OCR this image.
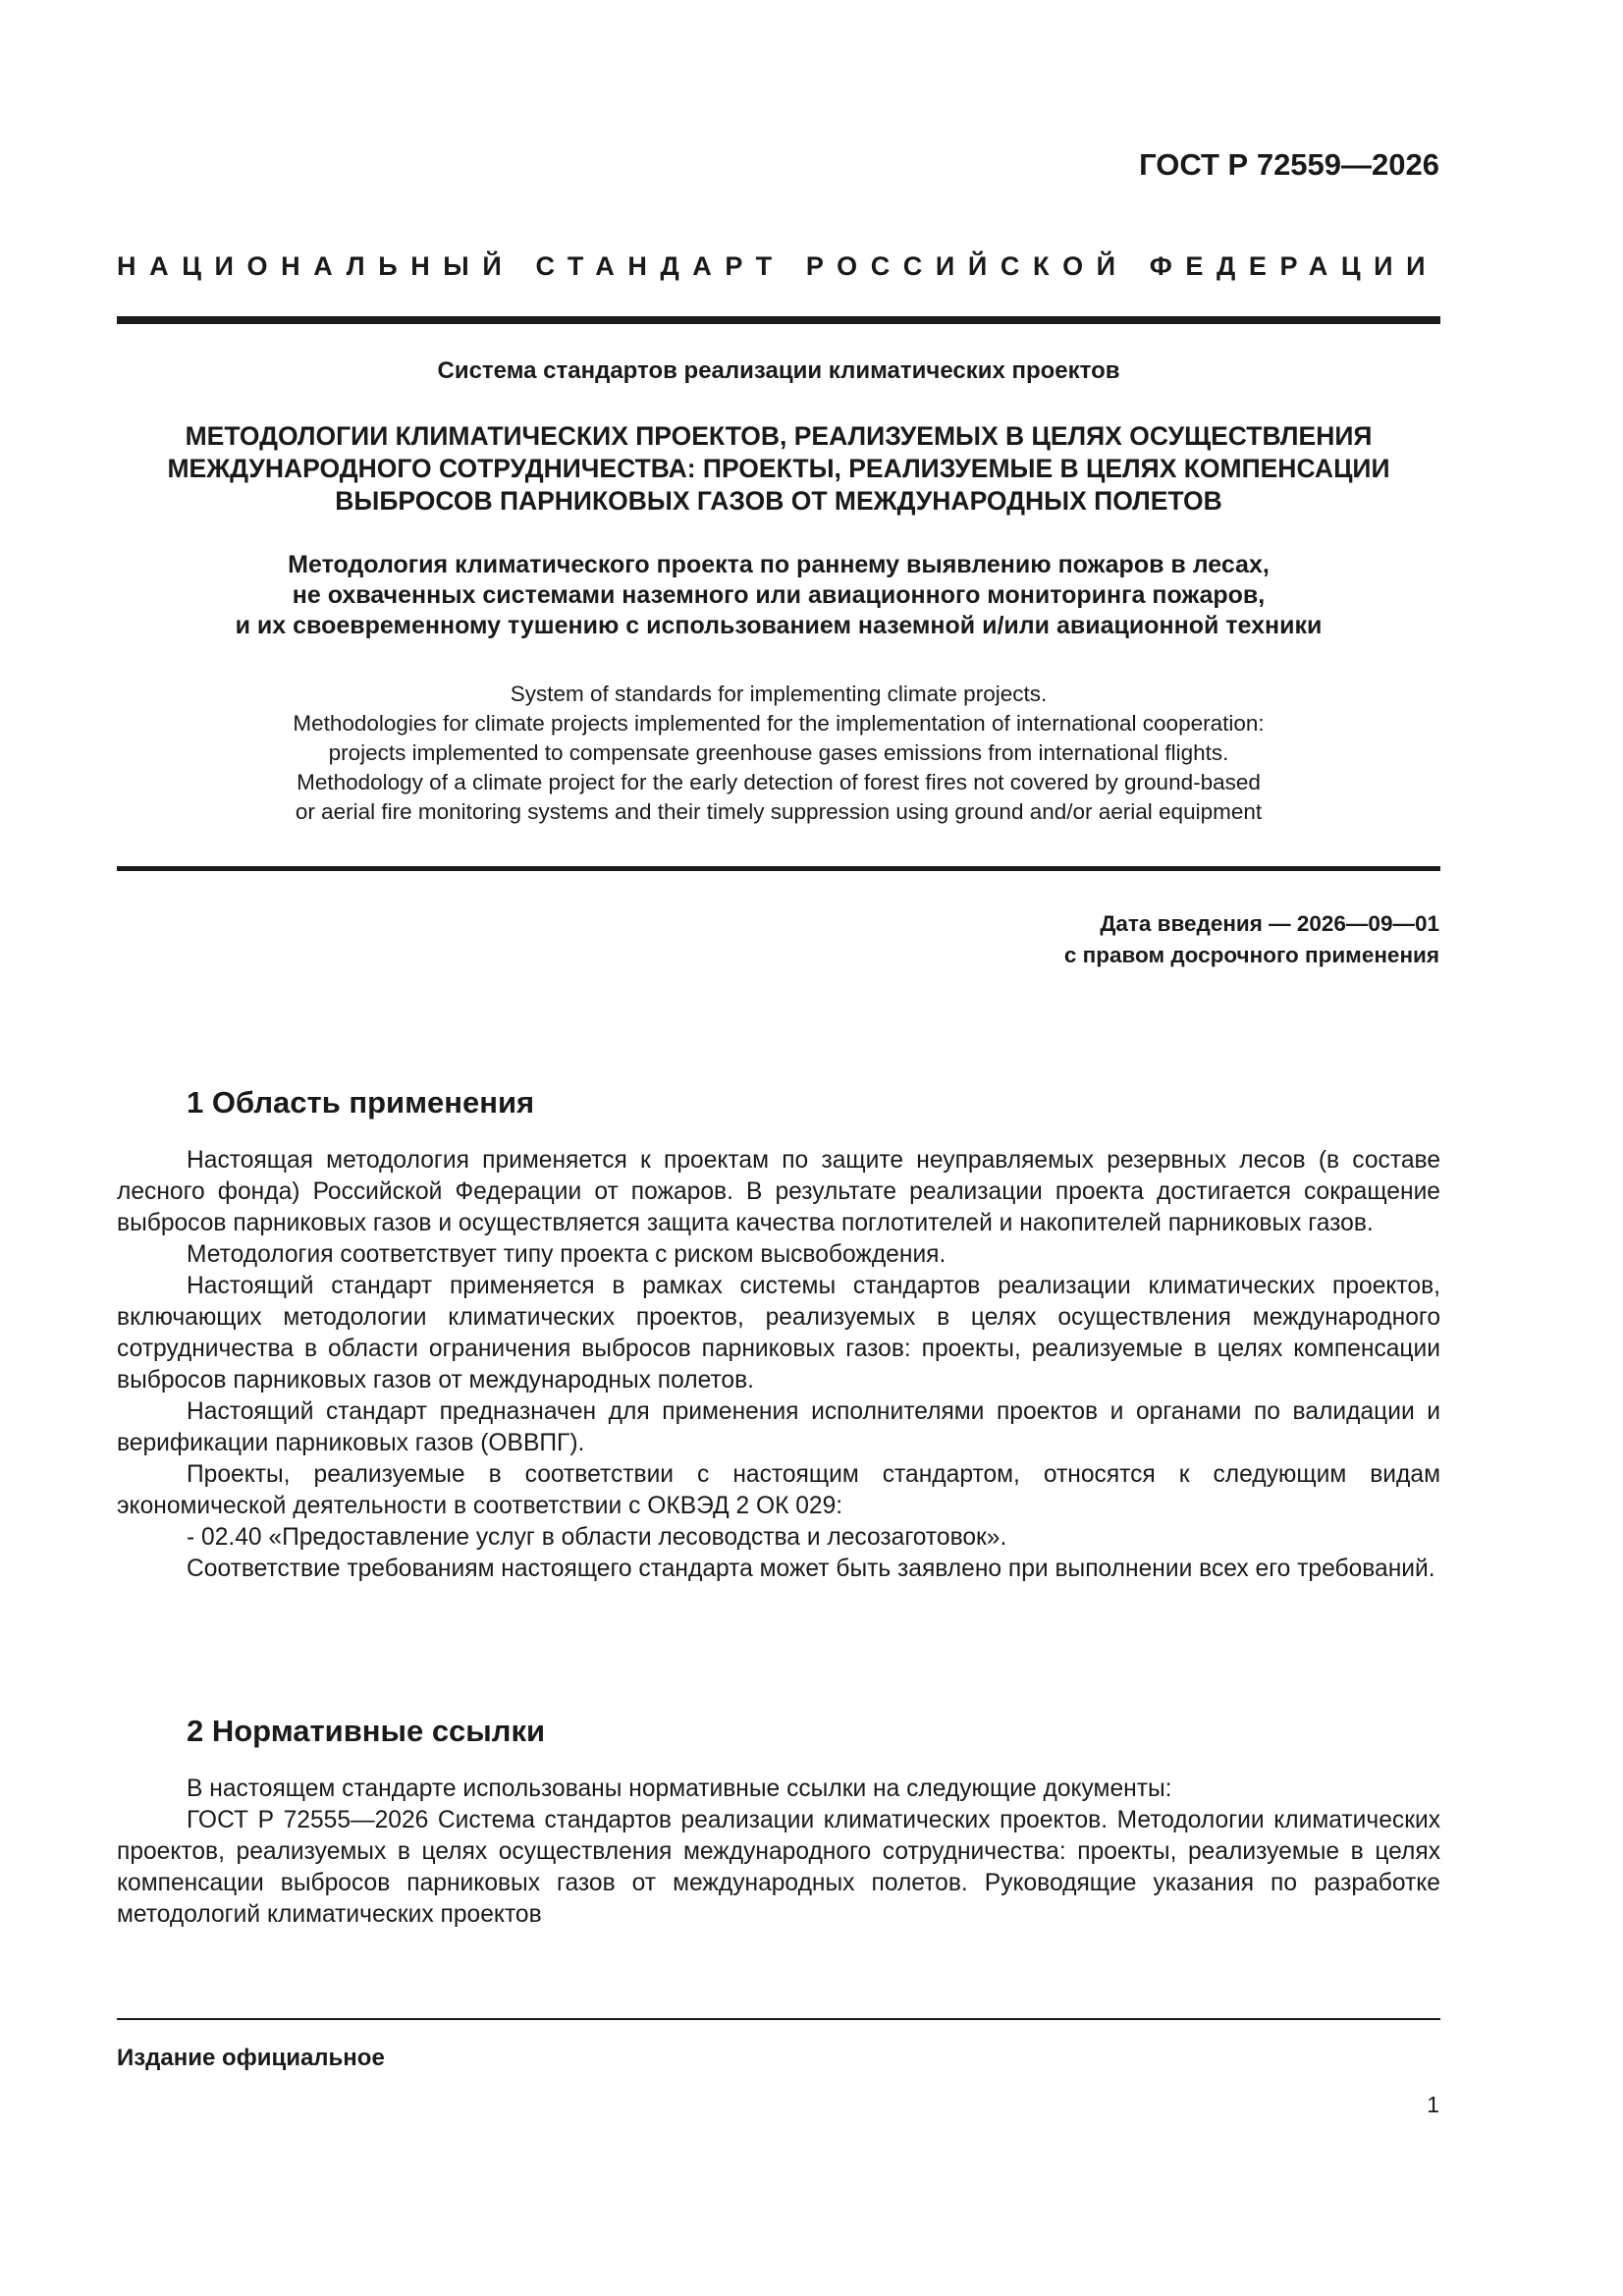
ГОСТ Р 72559—2026
НАЦИОНАЛЬНЫЙ СТАНДАРТ РОССИЙСКОЙ ФЕДЕРАЦИИ
Система стандартов реализации климатических проектов
МЕТОДОЛОГИИ КЛИМАТИЧЕСКИХ ПРОЕКТОВ, РЕАЛИЗУЕМЫХ В ЦЕЛЯХ ОСУЩЕСТВЛЕНИЯ
МЕЖДУНАРОДНОГО СОТРУДНИЧЕСТВА: ПРОЕКТЫ, РЕАЛИЗУЕМЫЕ В ЦЕЛЯХ КОМПЕНСАЦИИ
ВЫБРОСОВ ПАРНИКОВЫХ ГАЗОВ ОТ МЕЖДУНАРОДНЫХ ПОЛЕТОВ
Методология климатического проекта по раннему выявлению пожаров в лесах,
не охваченных системами наземного или авиационного мониторинга пожаров,
и их своевременному тушению с использованием наземной и/или авиационной техники
System of standards for implementing climate projects.
Methodologies for climate projects implemented for the implementation of international cooperation:
projects implemented to compensate greenhouse gases emissions from international flights.
Methodology of a climate project for the early detection of forest fires not covered by ground-based
or aerial fire monitoring systems and their timely suppression using ground and/or aerial equipment
Дата введения — 2026—09—01
с правом досрочного применения
1 Область применения

Настоящая методология применяется к проектам по защите неуправляемых резервных лесов (в составе лесного фонда) Российской Федерации от пожаров. В результате реализации проекта достигается сокращение выбросов парниковых газов и осуществляется защита качества поглотителей и накопителей парниковых газов.

Методология соответствует типу проекта с риском высвобождения.

Настоящий стандарт применяется в рамках системы стандартов реализации климатических проектов, включающих методологии климатических проектов, реализуемых в целях осуществления международного сотрудничества в области ограничения выбросов парниковых газов: проекты, реализуемые в целях компенсации выбросов парниковых газов от международных полетов.

Настоящий стандарт предназначен для применения исполнителями проектов и органами по валидации и верификации парниковых газов (ОВВПГ).

Проекты, реализуемые в соответствии с настоящим стандартом, относятся к следующим видам экономической деятельности в соответствии с ОКВЭД 2 ОК 029:

- 02.40 «Предоставление услуг в области лесоводства и лесозаготовок».

Соответствие требованиям настоящего стандарта может быть заявлено при выполнении всех его требований.

2 Нормативные ссылки

В настоящем стандарте использованы нормативные ссылки на следующие документы:

ГОСТ Р 72555—2026 Система стандартов реализации климатических проектов. Методологии климатических проектов, реализуемых в целях осуществления международного сотрудничества: проекты, реализуемые в целях компенсации выбросов парниковых газов от международных полетов. Руководящие указания по разработке методологий климатических проектов

Издание официальное
1
